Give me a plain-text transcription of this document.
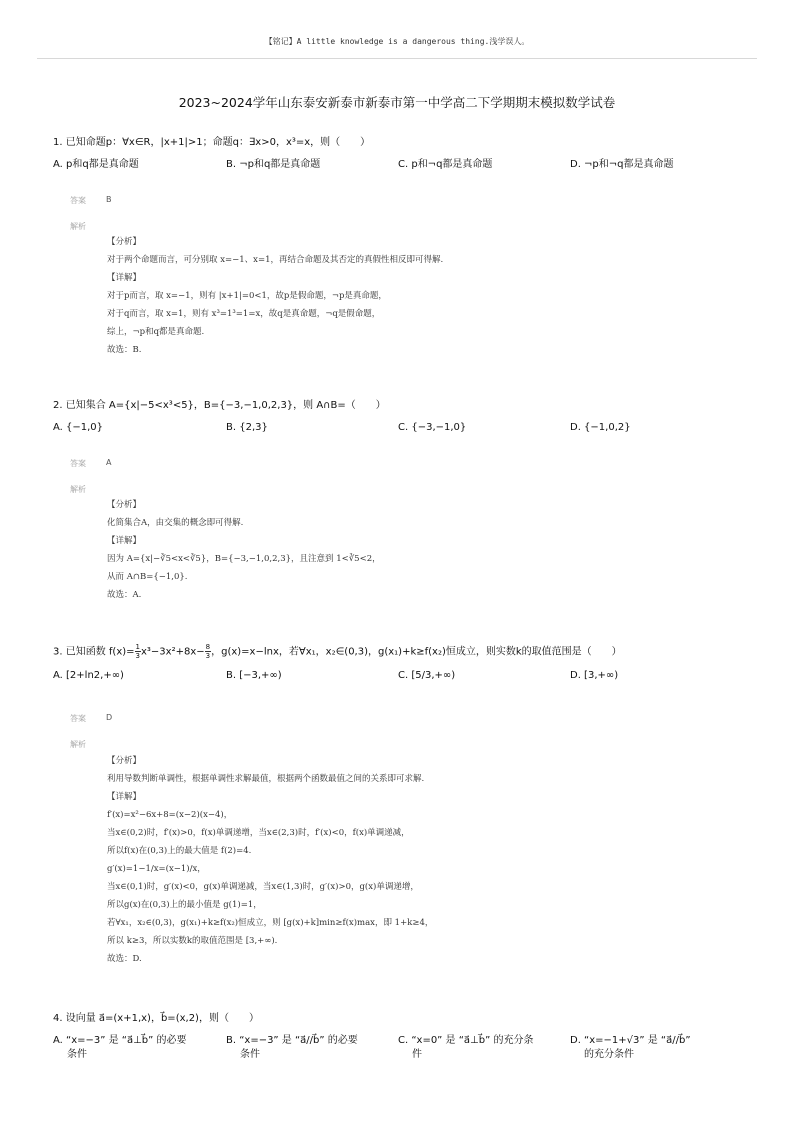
【铭记】A little knowledge is a dangerous thing.浅学误人。
2023~2024学年山东泰安新泰市新泰市第一中学高二下学期期末模拟数学试卷
1. 已知命题p：∀x∈R，|x+1|>1；命题q：∃x>0，x³=x，则（　　）
A. p和q都是真命题	B. ¬p和q都是真命题	C. p和¬q都是真命题	D. ¬p和¬q都是真命题
答案	B
解析
【分析】
对于两个命题而言，可分别取 x=−1、x=1，再结合命题及其否定的真假性相反即可得解.
【详解】
对于p而言，取 x=−1，则有 |x+1|=0<1，故p是假命题，¬p是真命题，
对于q而言，取 x=1，则有 x³=1³=1=x，故q是真命题，¬q是假命题，
综上，¬p和q都是真命题.
故选：B.
2. 已知集合 A={x|−5<x³<5}，B={−3,−1,0,2,3}，则 A∩B=（　　）
A. {−1,0}	B. {2,3}	C. {−3,−1,0}	D. {−1,0,2}
答案	A
解析
【分析】
化简集合A，由交集的概念即可得解.
【详解】
因为 A={x|−∛5<x<∛5}，B={−3,−1,0,2,3}，且注意到 1<∛5<2，
从而 A∩B={−1,0}.
故选：A.
3. 已知函数 $f(x)= \frac{1}{3} x^3-3x^2+8x- \frac{8}{3}$ ，g(x)=x−lnx，若∀x₁，x₂∈(0,3)，g(x₁)+k≥f(x₂)恒成立，则实数k的取值范围是（　　）
A. [2+ln2,+∞)	B. [−3,+∞)	C. [5/3,+∞)	D. [3,+∞)
答案	D
解析
【分析】
利用导数判断单调性，根据单调性求解最值，根据两个函数最值之间的关系即可求解.
【详解】
f′(x)=x²−6x+8=(x−2)(x−4)，
当x∈(0,2)时，f′(x)>0，f(x)单调递增，当x∈(2,3)时，f′(x)<0，f(x)单调递减，
所以f(x)在(0,3)上的最大值是 f(2)=4.
g′(x)=1−1/x=(x−1)/x，
当x∈(0,1)时，g′(x)<0，g(x)单调递减，当x∈(1,3)时，g′(x)>0，g(x)单调递增，
所以g(x)在(0,3)上的最小值是 g(1)=1，
若∀x₁，x₂∈(0,3)，g(x₁)+k≥f(x₂)恒成立，则 [g(x)+k]min≥f(x)max，即 1+k≥4，
所以 k≥3，所以实数k的取值范围是 [3,+∞).
故选：D.
4. 设向量 a⃗=(x+1,x)，b⃗=(x,2)，则（　　）
A. “x=−3” 是 “a⃗⊥b⃗” 的必要
条件
B. “x=−3” 是 “a⃗//b⃗” 的必要
条件
C. “x=0” 是 “a⃗⊥b⃗” 的充分条
件
D. “x=−1+√3” 是 “a⃗//b⃗”
的充分条件
